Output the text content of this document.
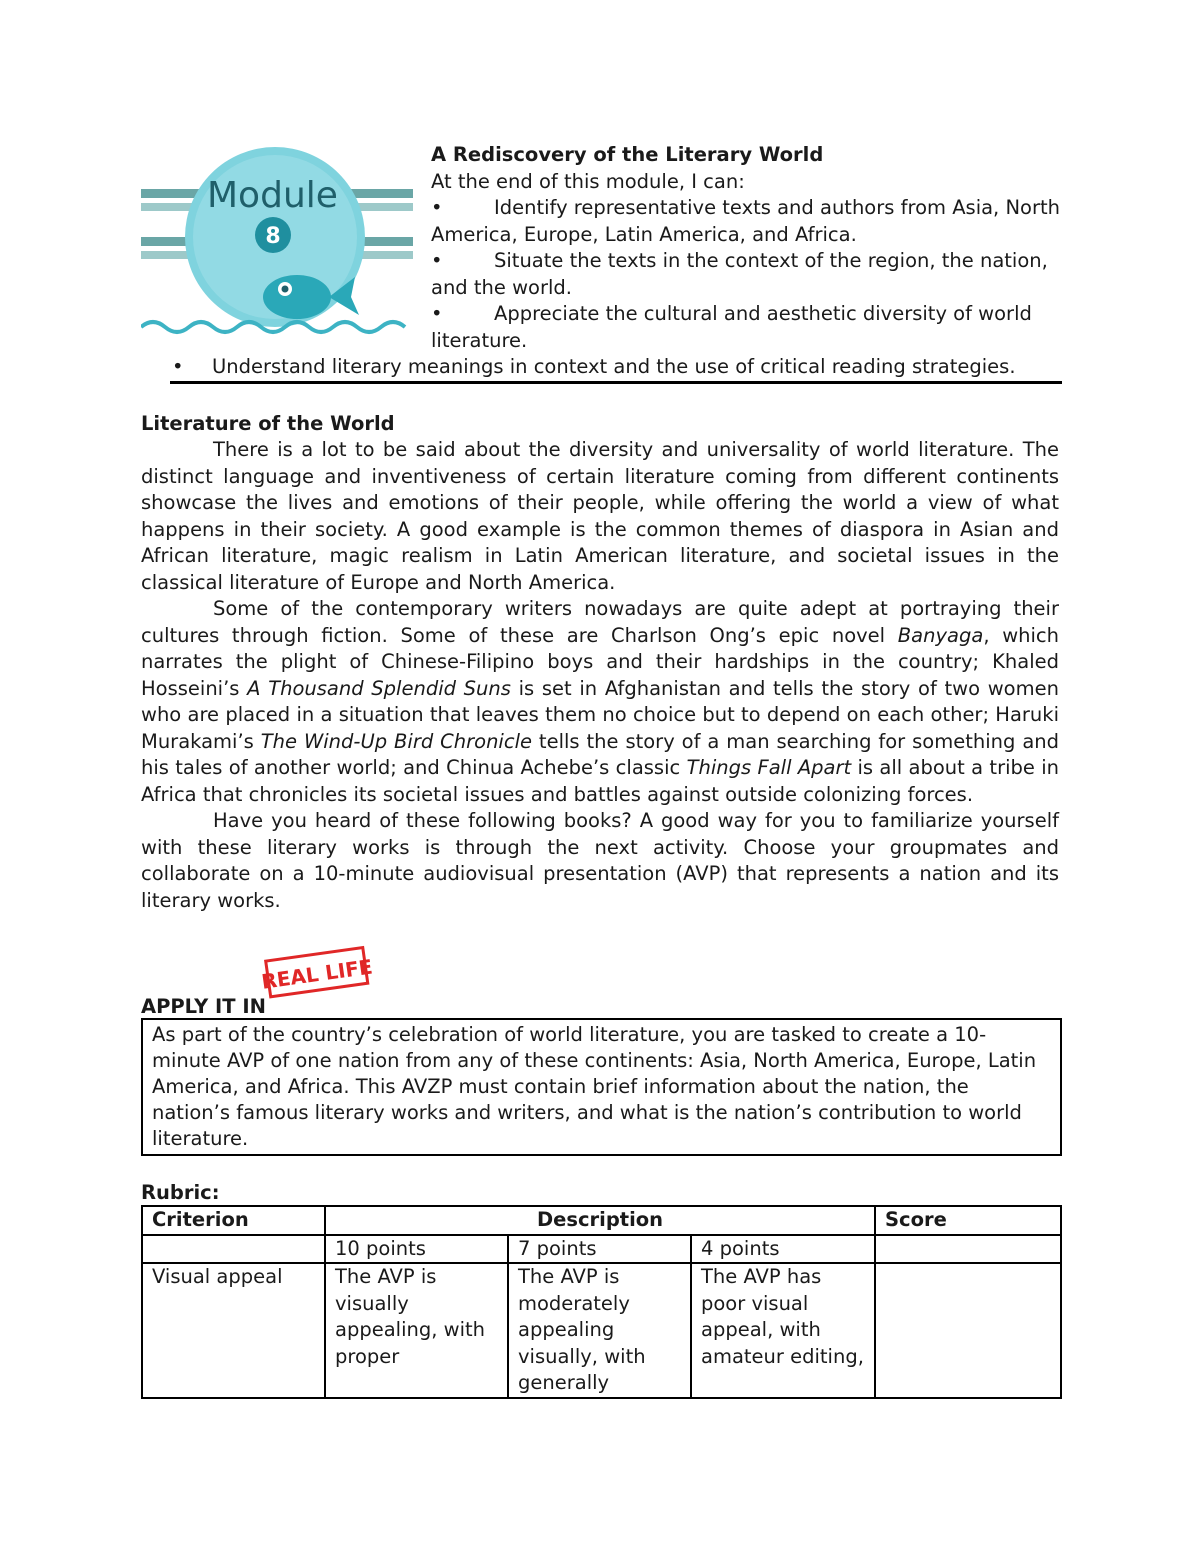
Module
8
A Rediscovery of the Literary World
At the end of this module, I can:
•	Identify representative texts and authors from Asia, North America, Europe, Latin America, and Africa.
•	Situate the texts in the context of the region, the nation, and the world.
•	Appreciate the cultural and aesthetic diversity of world literature.
• Understand literary meanings in context and the use of critical reading strategies.
Literature of the World

There is a lot to be said about the diversity and universality of world literature. The distinct language and inventiveness of certain literature coming from different continents showcase the lives and emotions of their people, while offering the world a view of what happens in their society. A good example is the common themes of diaspora in Asian and African literature, magic realism in Latin American literature, and societal issues in the classical literature of Europe and North America.

Some of the contemporary writers nowadays are quite adept at portraying their cultures through fiction. Some of these are Charlson Ong’s epic novel Banyaga, which narrates the plight of Chinese-Filipino boys and their hardships in the country; Khaled Hosseini’s A Thousand Splendid Suns is set in Afghanistan and tells the story of two women who are placed in a situation that leaves them no choice but to depend on each other; Haruki Murakami’s The Wind-Up Bird Chronicle tells the story of a man searching for something and his tales of another world; and Chinua Achebe’s classic Things Fall Apart is all about a tribe in Africa that chronicles its societal issues and battles against outside colonizing forces.

Have you heard of these following books? A good way for you to familiarize yourself with these literary works is through the next activity. Choose your groupmates and collaborate on a 10-minute audiovisual presentation (AVP) that represents a nation and its literary works.

APPLY IT IN
REAL LIFE
As part of the country’s celebration of world literature, you are tasked to create a 10-minute AVP of one nation from any of these continents: Asia, North America, Europe, Latin America, and Africa. This AVZP must contain brief information about the nation, the nation’s famous literary works and writers, and what is the nation’s contribution to world literature.
Rubric:
Criterion	Description			Score
	10 points	7 points	4 points	
Visual appeal	The AVP is visually appealing, with proper	The AVP is moderately appealing visually, with generally	The AVP has poor visual appeal, with amateur editing,	
